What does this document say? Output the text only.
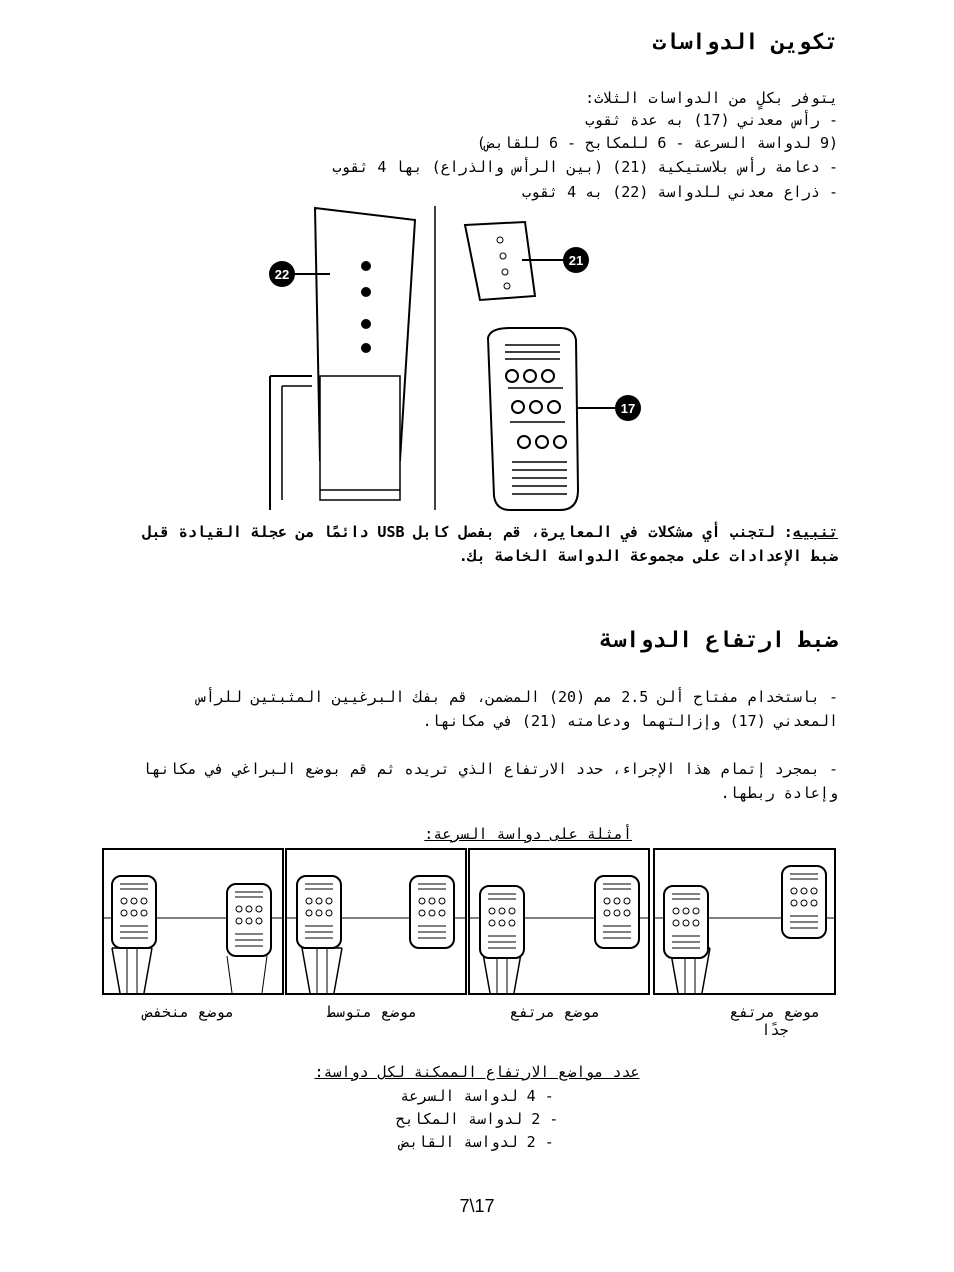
تكوين الدواسات

يتوفر بكلٍ من الدواسات الثلاث:

- رأس معدني (17) به عدة ثقوب

(9 لدواسة السرعة - 6 للمكابح - 6 للقابض)

- دعامة رأس بلاستيكية (21) (بين الرأس والذراع) بها 4 ثقوب

- ذراع معدني للدواسة (22) به 4 ثقوب

22
21
17
تنبيه: لتجنب أي مشكلات في المعايرة، قم بفصل كابل USB دائمًا من عجلة القيادة قبل ضبط الإعدادات على مجموعة الدواسة الخاصة بك.
ضبط ارتفاع الدواسة

- باستخدام مفتاح ألن 2.5 مم (20) المضمن، قم بفك البرغيين المثبتين للرأس المعدني (17) وإزالتهما ودعامته (21) في مكانها.

- بمجرد إتمام هذا الإجراء، حدد الارتفاع الذي تريده ثم قم بوضع البراغي في مكانها وإعادة ربطها.

أمثلة على دواسة السرعة:

موضع منخفض	موضع متوسط	موضع مرتفع	موضع مرتفع جدًا
عدد مواضع الارتفاع الممكنة لكل دواسة:
- 4 لدواسة السرعة
- 2 لدواسة المكابح
- 2 لدواسة القابض
17\7
